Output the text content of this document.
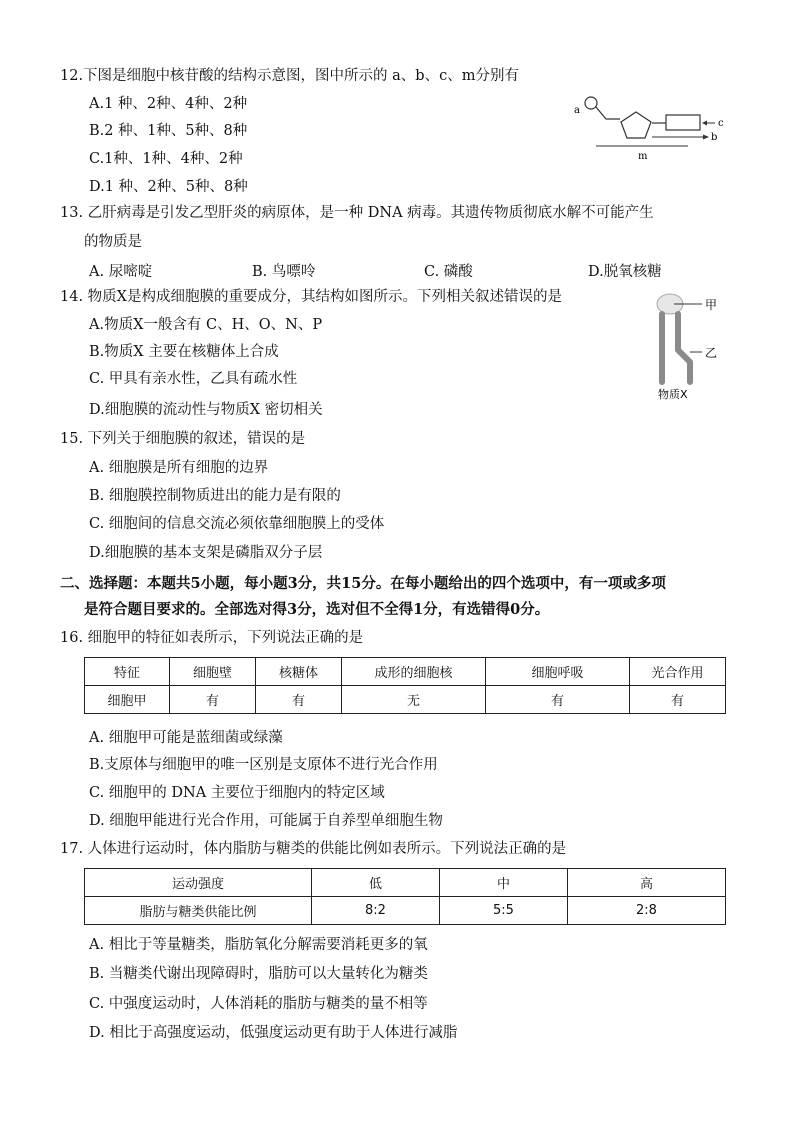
12.下图是细胞中核苷酸的结构示意图，图中所示的 a、b、c、m分别有
A.1 种、2种、4种、2种
B.2 种、1种、5种、8种
C.1种、1种、4种、2种
D.1 种、2种、5种、8种
a
c
b
m
13. 乙肝病毒是引发乙型肝炎的病原体，是一种 DNA 病毒。其遗传物质彻底水解不可能产生
的物质是
A. 尿嘧啶	B. 鸟嘌呤	C. 磷酸	D.脱氧核糖
14. 物质X是构成细胞膜的重要成分，其结构如图所示。下列相关叙述错误的是
A.物质X一般含有 C、H、O、N、P
B.物质X 主要在核糖体上合成
C. 甲具有亲水性，乙具有疏水性
D.细胞膜的流动性与物质X 密切相关
甲
乙
物质X
15. 下列关于细胞膜的叙述，错误的是
A. 细胞膜是所有细胞的边界
B. 细胞膜控制物质进出的能力是有限的
C. 细胞间的信息交流必须依靠细胞膜上的受体
D.细胞膜的基本支架是磷脂双分子层
二、选择题：本题共5小题，每小题3分，共15分。在每小题给出的四个选项中，有一项或多项
是符合题目要求的。全部选对得3分，选对但不全得1分，有选错得0分。
16. 细胞甲的特征如表所示，下列说法正确的是
特征	细胞壁	核糖体	成形的细胞核	细胞呼吸	光合作用
细胞甲	有	有	无	有	有
A. 细胞甲可能是蓝细菌或绿藻
B.支原体与细胞甲的唯一区别是支原体不进行光合作用
C. 细胞甲的 DNA 主要位于细胞内的特定区域
D. 细胞甲能进行光合作用，可能属于自养型单细胞生物
17. 人体进行运动时，体内脂肪与糖类的供能比例如表所示。下列说法正确的是
运动强度	低	中	高
脂肪与糖类供能比例	8:2	5:5	2:8
A. 相比于等量糖类，脂肪氧化分解需要消耗更多的氧
B. 当糖类代谢出现障碍时，脂肪可以大量转化为糖类
C. 中强度运动时，人体消耗的脂肪与糖类的量不相等
D. 相比于高强度运动，低强度运动更有助于人体进行减脂
